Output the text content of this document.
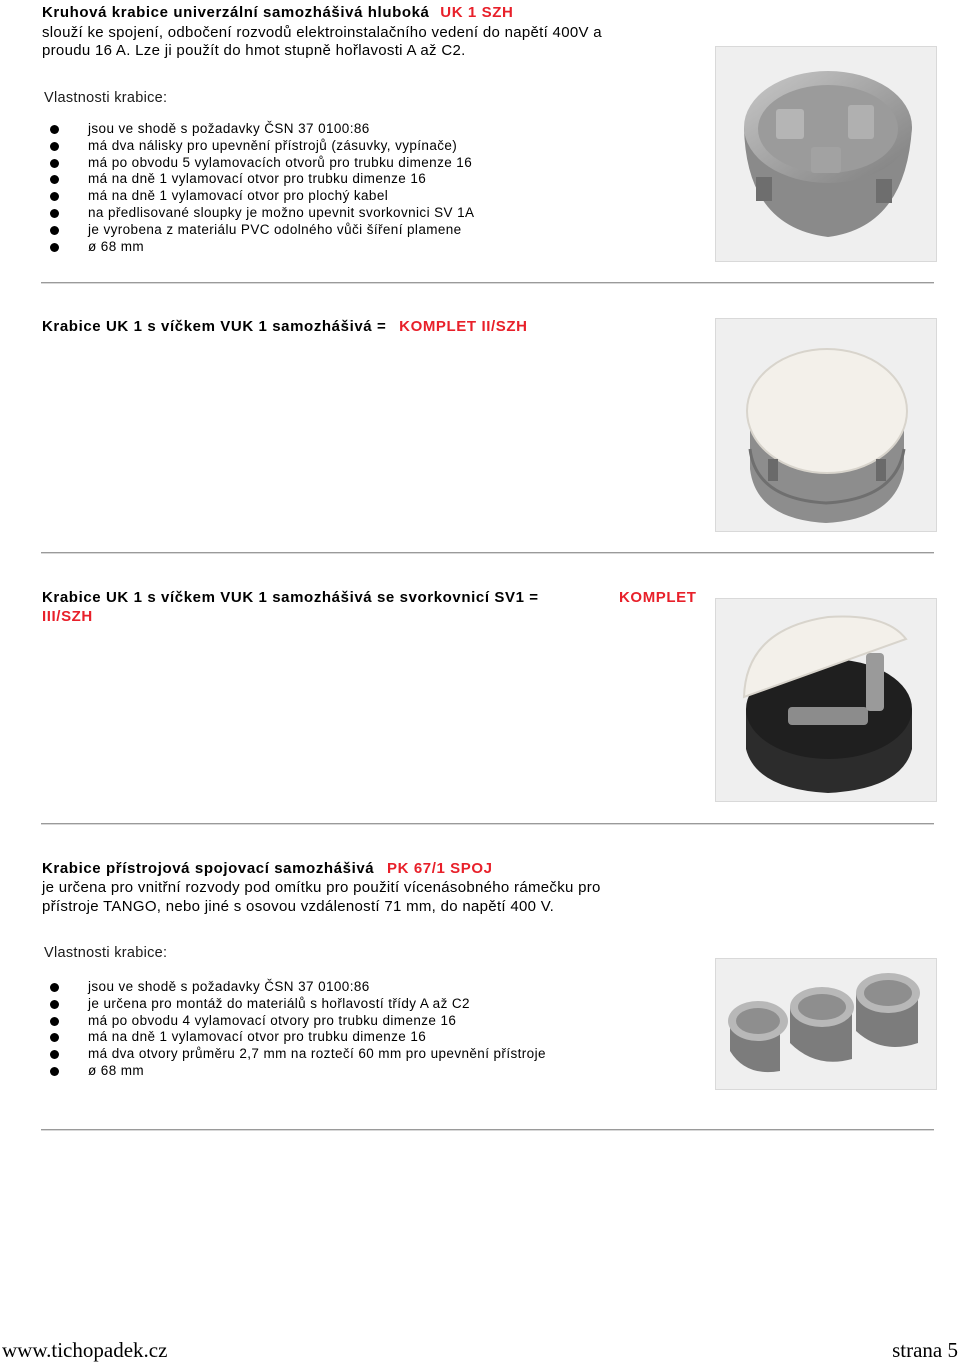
Kruhová krabice univerzální samozhášivá hluboká UK 1 SZH
slouží ke spojení, odbočení rozvodů elektroinstalačního vedení do napětí 400V a
proudu 16 A. Lze ji použít do hmot stupně hořlavosti A až C2.
Vlastnosti krabice:
jsou ve shodě s požadavky ČSN 37 0100:86
má dva nálisky pro upevnění přístrojů (zásuvky, vypínače)
má po obvodu 5 vylamovacích otvorů pro trubku dimenze 16
má na dně 1 vylamovací otvor pro trubku dimenze 16
má na dně 1 vylamovací otvor pro plochý kabel
na předlisované sloupky je možno upevnit svorkovnici SV 1A
je vyrobena z materiálu PVC odolného vůči šíření plamene
ø 68 mm
Krabice UK 1 s víčkem VUK 1 samozhášivá = KOMPLET II/SZH
Krabice UK 1 s víčkem VUK 1 samozhášivá se svorkovnicí SV1 =	KOMPLET
III/SZH
Krabice přístrojová spojovací samozhášivá PK 67/1 SPOJ
je určena pro vnitřní rozvody pod omítku pro použití vícenásobného rámečku pro
přístroje TANGO, nebo jiné s osovou vzdáleností 71 mm, do napětí 400 V.
Vlastnosti krabice:
jsou ve shodě s požadavky ČSN 37 0100:86
je určena pro montáž do materiálů s hořlavostí třídy A až C2
má po obvodu 4 vylamovací otvory pro trubku dimenze 16
má na dně 1 vylamovací otvor pro trubku dimenze 16
má dva otvory průměru 2,7 mm na roztečí 60 mm pro upevnění přístroje
ø 68 mm
www.tichopadek.cz	strana 5
